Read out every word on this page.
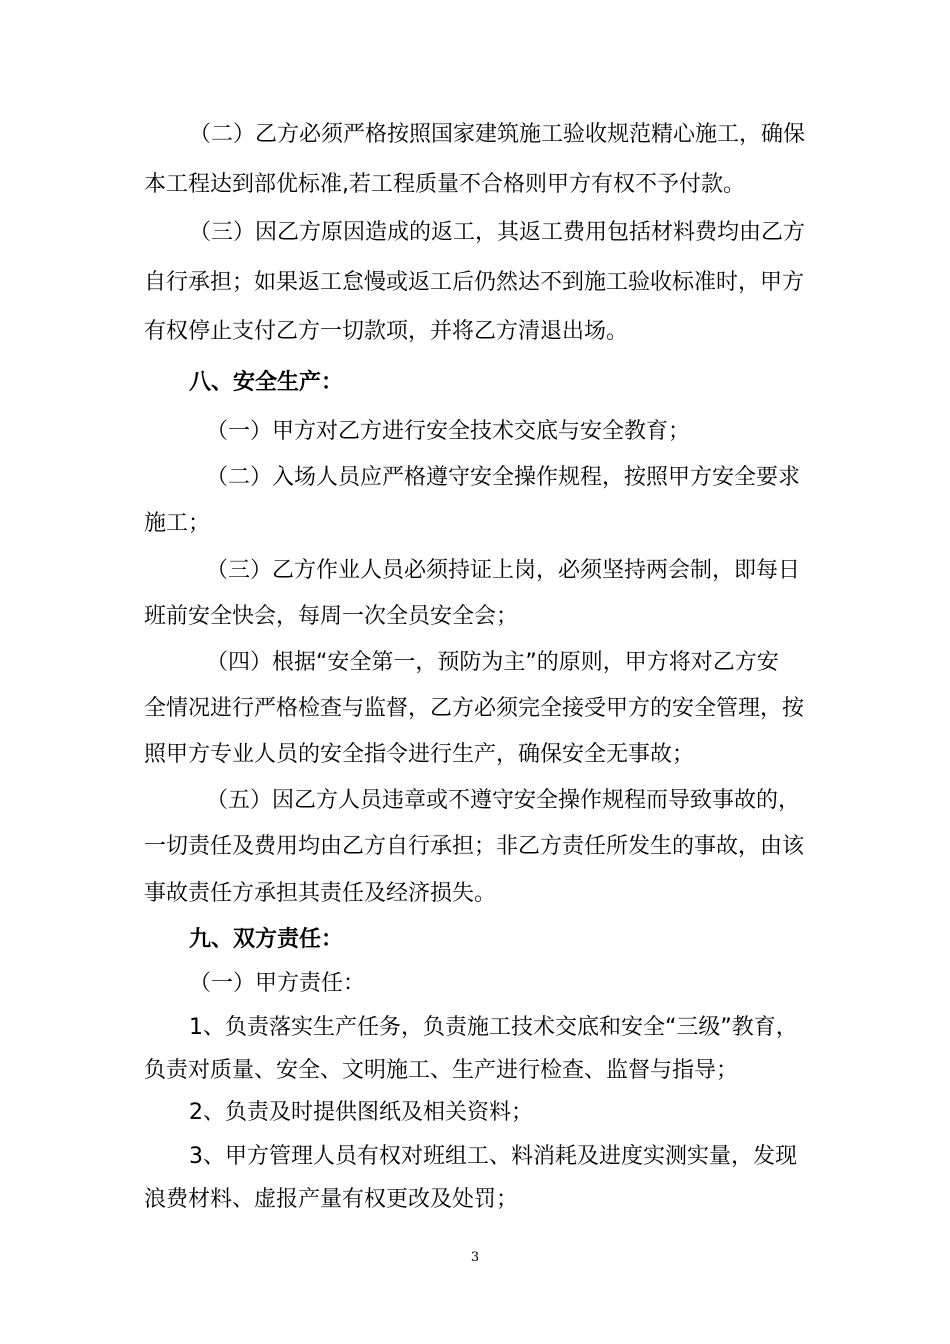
（二）乙方必须严格按照国家建筑施工验收规范精心施工，确保
本工程达到部优标准,若工程质量不合格则甲方有权不予付款。
（三）因乙方原因造成的返工，其返工费用包括材料费均由乙方
自行承担；如果返工怠慢或返工后仍然达不到施工验收标准时，甲方
有权停止支付乙方一切款项，并将乙方清退出场。
八、安全生产：
（一）甲方对乙方进行安全技术交底与安全教育；
（二）入场人员应严格遵守安全操作规程，按照甲方安全要求
施工；
（三）乙方作业人员必须持证上岗，必须坚持两会制，即每日
班前安全快会，每周一次全员安全会；
（四）根据“安全第一，预防为主”的原则，甲方将对乙方安
全情况进行严格检查与监督，乙方必须完全接受甲方的安全管理，按
照甲方专业人员的安全指令进行生产，确保安全无事故；
（五）因乙方人员违章或不遵守安全操作规程而导致事故的，
一切责任及费用均由乙方自行承担；非乙方责任所发生的事故，由该
事故责任方承担其责任及经济损失。
九、双方责任：
（一）甲方责任：
1、负责落实生产任务，负责施工技术交底和安全“三级”教育，
负责对质量、安全、文明施工、生产进行检查、监督与指导；
2、负责及时提供图纸及相关资料；
3、甲方管理人员有权对班组工、料消耗及进度实测实量，发现
浪费材料、虚报产量有权更改及处罚；
3
